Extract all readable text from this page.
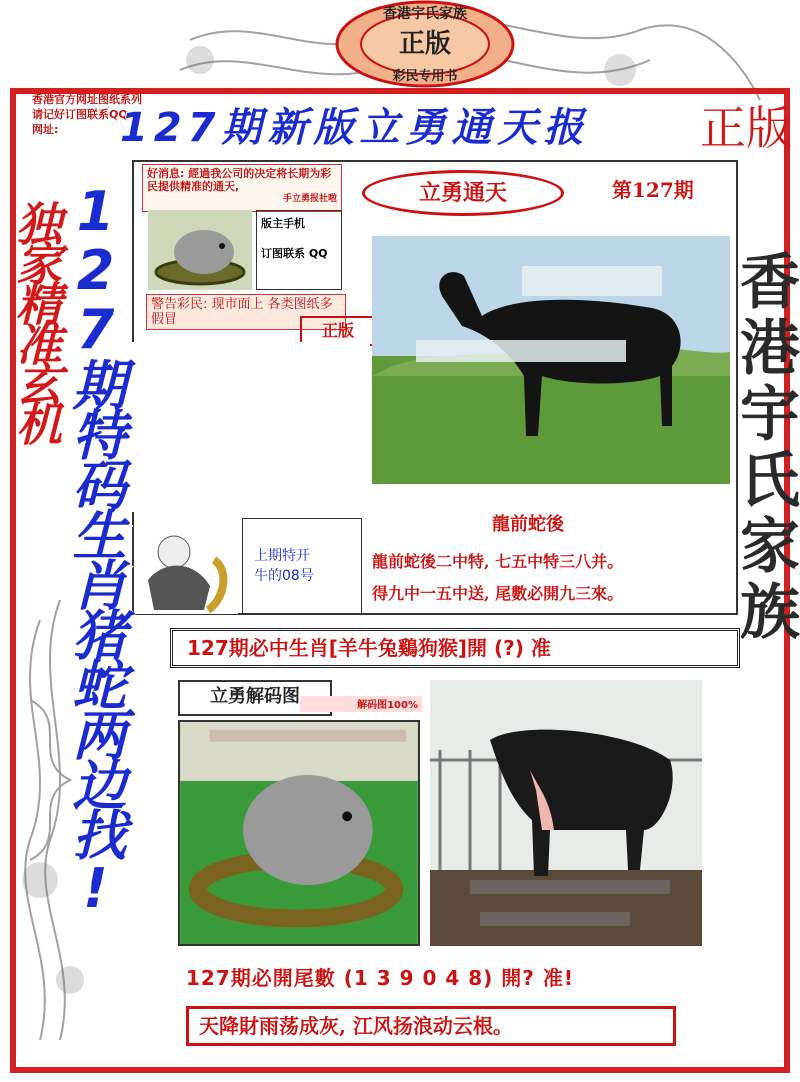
正版
香港宇氏家族
彩民专用书
香港官方网址图纸系列
请记好订图联系QQ
网址:	127期新版立勇通天报	正版
好消息: 經過我公司的决定将长期为彩民提供精准的通天,
手立勇报社啦	立勇通天	第127期
版主手机
订图联系 QQ
警告彩民: 现市面上 各类图纸多假冒
正版
上期特开
牛的08号
龍前蛇後
龍前蛇後二中特, 七五中特三八并。
得九中一五中送, 尾數必開九三來。
127期必中生肖[羊牛兔鷄狗猴]開 (?) 准
立勇解码图	解码图100%
独家精准玄机 127期特码生肖猪蛇两边找!	香港宇氏家族
127期必開尾數 (1 3 9 0 4 8) 開? 准!
天降財雨荡成灰, 江风扬浪动云根。
